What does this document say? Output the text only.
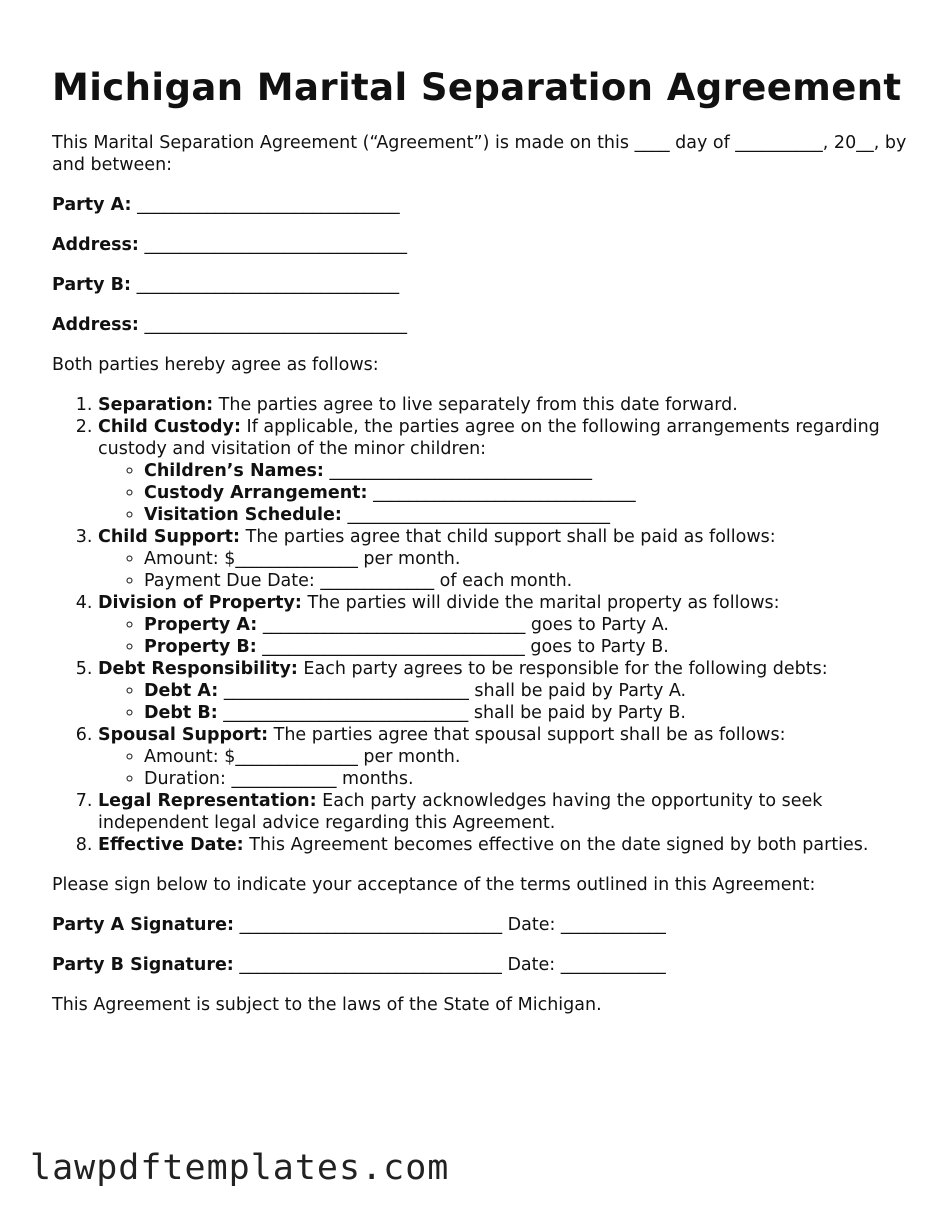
Michigan Marital Separation Agreement
This Marital Separation Agreement (“Agreement”) is made on this ____ day of __________, 20__, by and between:
Party A: ______________________________
Address: ______________________________
Party B: ______________________________
Address: ______________________________
Both parties hereby agree as follows:
1. Separation: The parties agree to live separately from this date forward.
2. Child Custody: If applicable, the parties agree on the following arrangements regarding custody and visitation of the minor children:
◦ Children’s Names: ______________________________
◦ Custody Arrangement: ______________________________
◦ Visitation Schedule: ______________________________
3. Child Support: The parties agree that child support shall be paid as follows:
◦ Amount: $______________ per month.
◦ Payment Due Date: _____________ of each month.
4. Division of Property: The parties will divide the marital property as follows:
◦ Property A: ______________________________ goes to Party A.
◦ Property B: ______________________________ goes to Party B.
5. Debt Responsibility: Each party agrees to be responsible for the following debts:
◦ Debt A: ____________________________ shall be paid by Party A.
◦ Debt B: ____________________________ shall be paid by Party B.
6. Spousal Support: The parties agree that spousal support shall be as follows:
◦ Amount: $______________ per month.
◦ Duration: ____________ months.
7. Legal Representation: Each party acknowledges having the opportunity to seek independent legal advice regarding this Agreement.
8. Effective Date: This Agreement becomes effective on the date signed by both parties.
Please sign below to indicate your acceptance of the terms outlined in this Agreement:
Party A Signature: ______________________________ Date: ____________
Party B Signature: ______________________________ Date: ____________
This Agreement is subject to the laws of the State of Michigan.
lawpdftemplates.com
